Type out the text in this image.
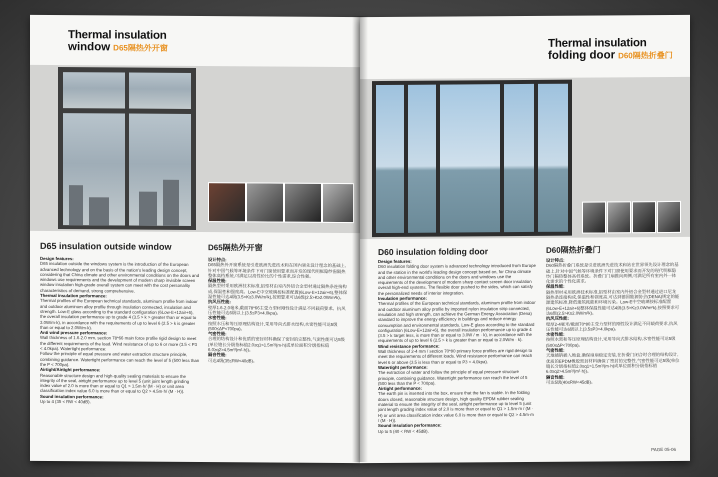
Thermal insulation
window D65隔热外开窗
D65 insulation outside window	D65隔热外开窗
Design features:
D65 insulation outside the windows system is the introduction of the European advanced technology and on the basis of the nation's leading design concept, considering that China climate and other environmental conditions on the doors and windows use requirements and the development of modern sharp invisible screen window insulation high-grade overall system can meet with the cost personality characteristics of demand, strong comprehensive.
Thermal insulation performance:
Thermal profiles of the European technical standards, aluminum profile from indoor and outdoor aluminum alloy profile through insulation connected, insulation and strength. Low-E glass according to the standard configuration (6Low-E+12air+6), the overall insulation performance up to grade 4 (3.5 > k > greater than or equal to 3.0W/m·k), in accordance with the requirements of up to level 6 (2.5 > k is greater than or equal to 2.0W/m·k).
Anti wind pressure performance:
Wall thickness of 1.6-2.0 mm, section 78*66 main force profile rigid design to meet the different requirements of the load. Wind resistance of up to 6 or more (3.5 < P3 < 4.0kpa). Watertight performance:
Follow the principle of equal pressure and water extraction structure principle, combining guidance. Watertight performance can reach the level of 5 (500 less than the P < 700pa).
Airtight/Airtight performance:
Reasonable structure design and high-quality sealing materials to ensure the integrity of the seal, airtight performance up to level 5 (unit joint length grinding index value of 2.0 is more than or equal to Q1 > 1.5m·h/ (M · H) or unit area classification index value 6.0 is more than or equal to Q2 > 4.5m·h/ (M · H)).
Sound insulation performance:
Up to 4 (35 < RW < 40dB).
设计特点:
D65隔热外开窗系统是引进欧洲先进技术和在国内领先设计理念的基础上,针对中国气候等环境条件下对门窗使用要求而开发的现代明框隐纱窗隔热整体高档系统,可满足以高性价比的个性需求,综合性强。
保温性能:
隔热型材采用欧洲技术标准,铝型材由室内外铝合金型材通过隔热条连接构成,保温性和强度高。Low-E中空玻璃按标准配置(6Low-E+12air+6),整体保温性能可达4级(3.5>K≥3.0W/m²k),按照要求可达6级(2.5>K≥2.0W/m²k)。
抗风压性能:
壁厚1.6-2.0毫米,截面78*66主受力型材刚性设计满足不同载荷要求。抗风压性能可达6级以上(3.5≤P3<4.0kpa)。
水密性能:
按照水压和等压原理结构设计,采用导向式排水结构,水密性能可达5级(500≤ΔP<700pa)。
气密性能:
合理的结构设计和优质的密封材料确保了密封的完整性,气密性能可达5级(单位缝长分级指标值2.0≥q1>1.5m³/(m·h)或单位面积分级指标值6.0≥q2>4.5m³/(m²·h))。
隔音性能:
可达4级(35≤RW<40dB)。
Thermal insulation
folding door D60隔热折叠门
D60 insulation folding door	D60隔热折叠门
Design features:
D60 insulation folding door system is advanced technology introduced from Europe and the station in the world's leading design concept based on, for China climate and other environmental conditions on the doors and windows use the requirements of the development of modern sharp contact screen door insulation overall high-end systems. The flexible door pushed to the sides, which can satisfy the personalized needs of interior integration.
Insulation performance:
Thermal profiles of the European technical standards, aluminum profile from indoor and outdoor aluminum alloy profile by imported nylon insulation strip connected, insulation and high strength, can achieve the German Energy Association (Dena) standard to improve the energy efficiency in buildings and reduce energy consumption and environmental standards. Low-E glass according to the standard configuration (6Low-E+12air+6), the overall insulation performance up to grade 4 (3.5 > k target less, is more than or equal to 3.0W / m · k), in accordance with the requirements of up to level 6 (2.5 > k is greater than or equal to 2.0W/m · k).
Wind resistance performance:
Wall thickness of 2-4 mm / section 70*80 primary force profiles are rigid design to meet the requirements of different loads. Wind resistance performance can reach level 6 or above (3.5 is less than or equal to P3 < 4.0kpa).
Watertight performance:
The extraction of water and follow the principle of equal pressure structure principle, combining guidance. Watertight performance can reach the level of 5 (500 less than the P < 700pa).
Airtight performance:
The earth pin is inserted into the box, ensure that the fan is stable. In the folding doors closed, reasonable structure design, high quality EPDM rubber sealing material to ensure the integrity of the seal, airtight performance up to level 5 (unit joint length grading index value of 2.0 is more than or equal to Q1 > 1.5m·m / (M · H) or unit area classification index value 6.0 is more than or equal to Q2 > 4.5m·m / (M · H)).
Sound insulation performance:
Up to 5 (40 < RW < 45dB).
设计特点:
D60隔热折叠门系统是引进欧洲先进技术和站在世界领先设计理念的基础上,针对中国气候等环境条件下对门窗使用要求而开发的现代明框隐纱门隔热整体高档系统。折叠门门扇推向两侧,可满足所有室内外一体化需求的个性化需求。
保温性能:
隔热型材采用欧洲技术标准,铝型材由室内外铝合金型材通过进口尼龙隔热条连接构成,保温性和强度高,可达到德国能源协会(DENA)规定的能源建筑标准,降低建筑耗能和环境污染。Low-E中空玻璃按标准配置(6Low-E+12air+6)整体保温性能可达4级(3.5>K≥3.0W/m²k),按照要求可达6级(2.5>K≥2.0W/m²k)。
抗风压性能:
壁厚2-4毫米/截面70*80主受力型材的刚性设计满足不同载荷要求,抗风压性能可达6级以上(3.5≤P3<4.0kpa)。
水密性能:
按照水密和等压原理结构设计,采用导向式排水结构,水密性能可达5级(500≤ΔP<700pa)。
气密性能:
天地插销插入地盒,确保扇扇稳定安装,在折叠门闭合时合理的结构设计,优质的EPDM橡胶密封材料确保了密封的完整性,气密性能可达5级(单位缝长分级指标值2.0≥q1>1.5m³/(m·h)或单位面积分级指标值6.0≥q2>4.5m³/(m²·h))。
隔音性能:
可达5级(40≤RW<45dB)。
PAGE 05-06
